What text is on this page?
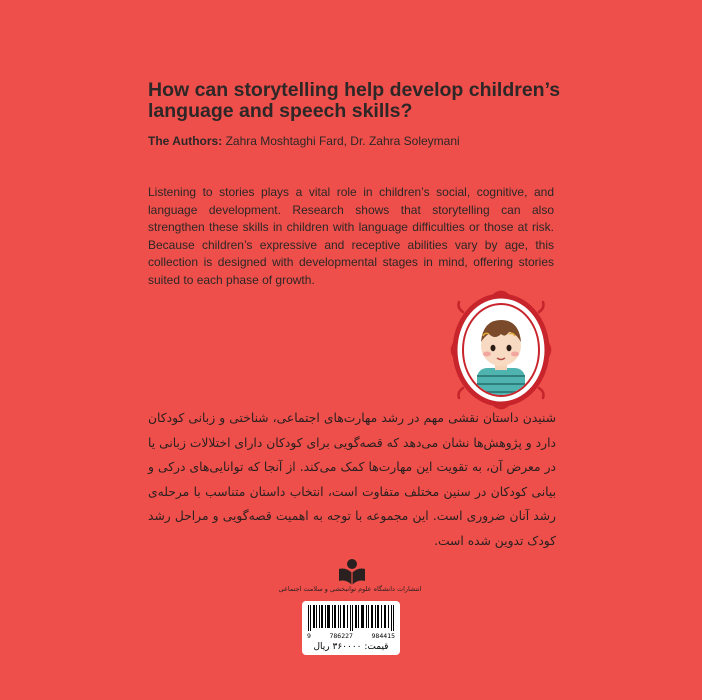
How can storytelling help develop children’s language and speech skills?
The Authors: Zahra Moshtaghi Fard, Dr. Zahra Soleymani
Listening to stories plays a vital role in children’s social, cognitive, and language development. Research shows that storytelling can also strengthen these skills in children with language difficulties or those at risk. Because children’s expressive and receptive abilities vary by age, this collection is designed with developmental stages in mind, offering stories suited to each phase of growth.
شنیدن داستان نقشی مهم در رشد مهارت‌های اجتماعی، شناختی و زبانی کودکان دارد و پژوهش‌ها نشان می‌دهد که قصه‌گویی برای کودکان دارای اختلالات زبانی یا در معرض آن، به تقویت این مهارت‌ها کمک می‌کند. از آنجا که توانایی‌های درکی و بیانی کودکان در سنین مختلف متفاوت است، انتخاب داستان متناسب با مرحله‌ی رشد آنان ضروری است. این مجموعه با توجه به اهمیت قصه‌گویی و مراحل رشد کودک تدوین شده است.
انتشارات دانشگاه علوم توانبخشی و سلامت اجتماعی
9	786227	984415
قیمت: ۳۶۰۰۰۰ ریال
